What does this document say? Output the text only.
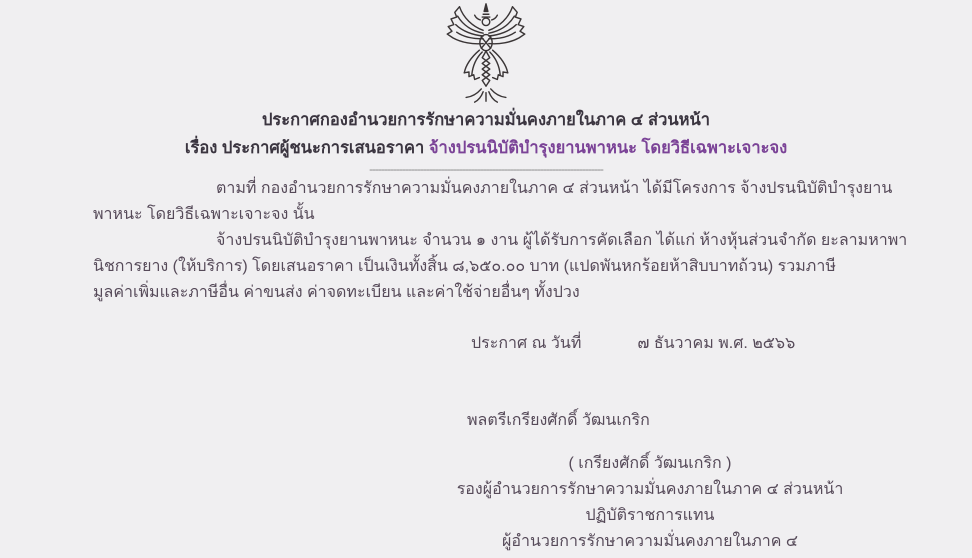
ประกาศกองอำนวยการรักษาความมั่นคงภายในภาค ๔ ส่วนหน้า
เรื่อง ประกาศผู้ชนะการเสนอราคา จ้างปรนนิบัติบำรุงยานพาหนะ โดยวิธีเฉพาะเจาะจง
------------------------------------------------------------------------------
ตามที่ กองอำนวยการรักษาความมั่นคงภายในภาค ๔ ส่วนหน้า ได้มีโครงการ จ้างปรนนิบัติบำรุงยาน
พาหนะ โดยวิธีเฉพาะเจาะจง นั้น
จ้างปรนนิบัติบำรุงยานพาหนะ จำนวน ๑ งาน ผู้ได้รับการคัดเลือก ได้แก่ ห้างหุ้นส่วนจำกัด ยะลามหาพา
นิชการยาง (ให้บริการ) โดยเสนอราคา เป็นเงินทั้งสิ้น ๘,๖๕๐.๐๐ บาท (แปดพันหกร้อยห้าสิบบาทถ้วน) รวมภาษี
มูลค่าเพิ่มและภาษีอื่น ค่าขนส่ง ค่าจดทะเบียน และค่าใช้จ่ายอื่นๆ ทั้งปวง
ประกาศ ณ วันที่	๗ ธันวาคม พ.ศ. ๒๕๖๖
พลตรีเกรียงศักดิ์ วัฒนเกริก
( เกรียงศักดิ์ วัฒนเกริก )
รองผู้อำนวยการรักษาความมั่นคงภายในภาค ๔ ส่วนหน้า
ปฏิบัติราชการแทน
ผู้อำนวยการรักษาความมั่นคงภายในภาค ๔
